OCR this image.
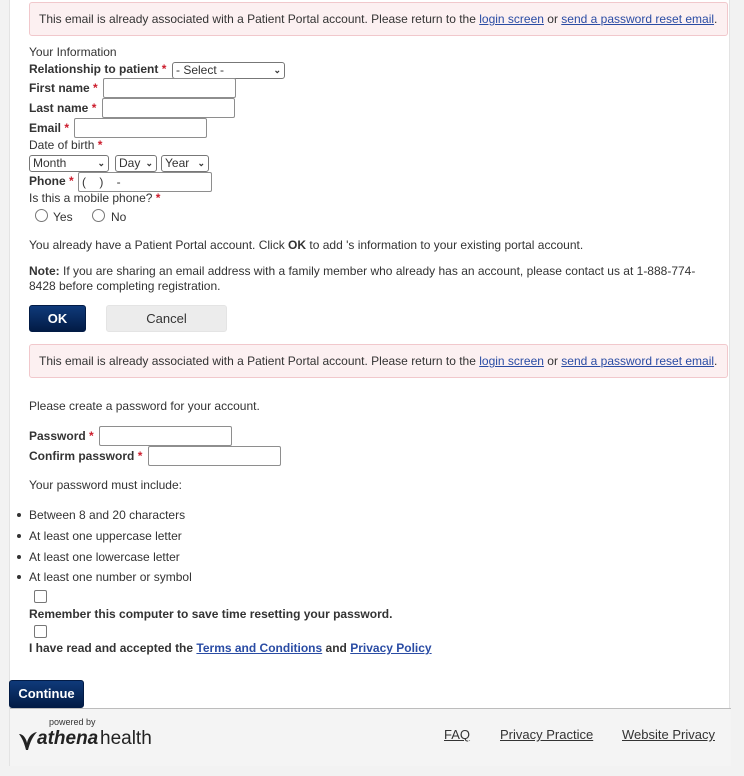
This email is already associated with a Patient Portal account. Please return to the login screen or send a password reset email.
Your Information
Relationship to patient * - Select -	⌄
First name *
Last name *
Email *
Date of birth *
Month	⌄	Day ⌄	Year ⌄
Phone * (    )    -
Is this a mobile phone? *
Yes	No
You already have a Patient Portal account. Click OK to add 's information to your existing portal account.
Note: If you are sharing an email address with a family member who already has an account, please contact us at 1-888-774-
8428 before completing registration.
OK	Cancel
This email is already associated with a Patient Portal account. Please return to the login screen or send a password reset email.
Please create a password for your account.
Password *
Confirm password *
Your password must include:
Between 8 and 20 characters
At least one uppercase letter
At least one lowercase letter
At least one number or symbol
Remember this computer to save time resetting your password.
I have read and accepted the Terms and Conditions and Privacy Policy
powered by
athena health	FAQ Privacy Practice Website Privacy
Continue
